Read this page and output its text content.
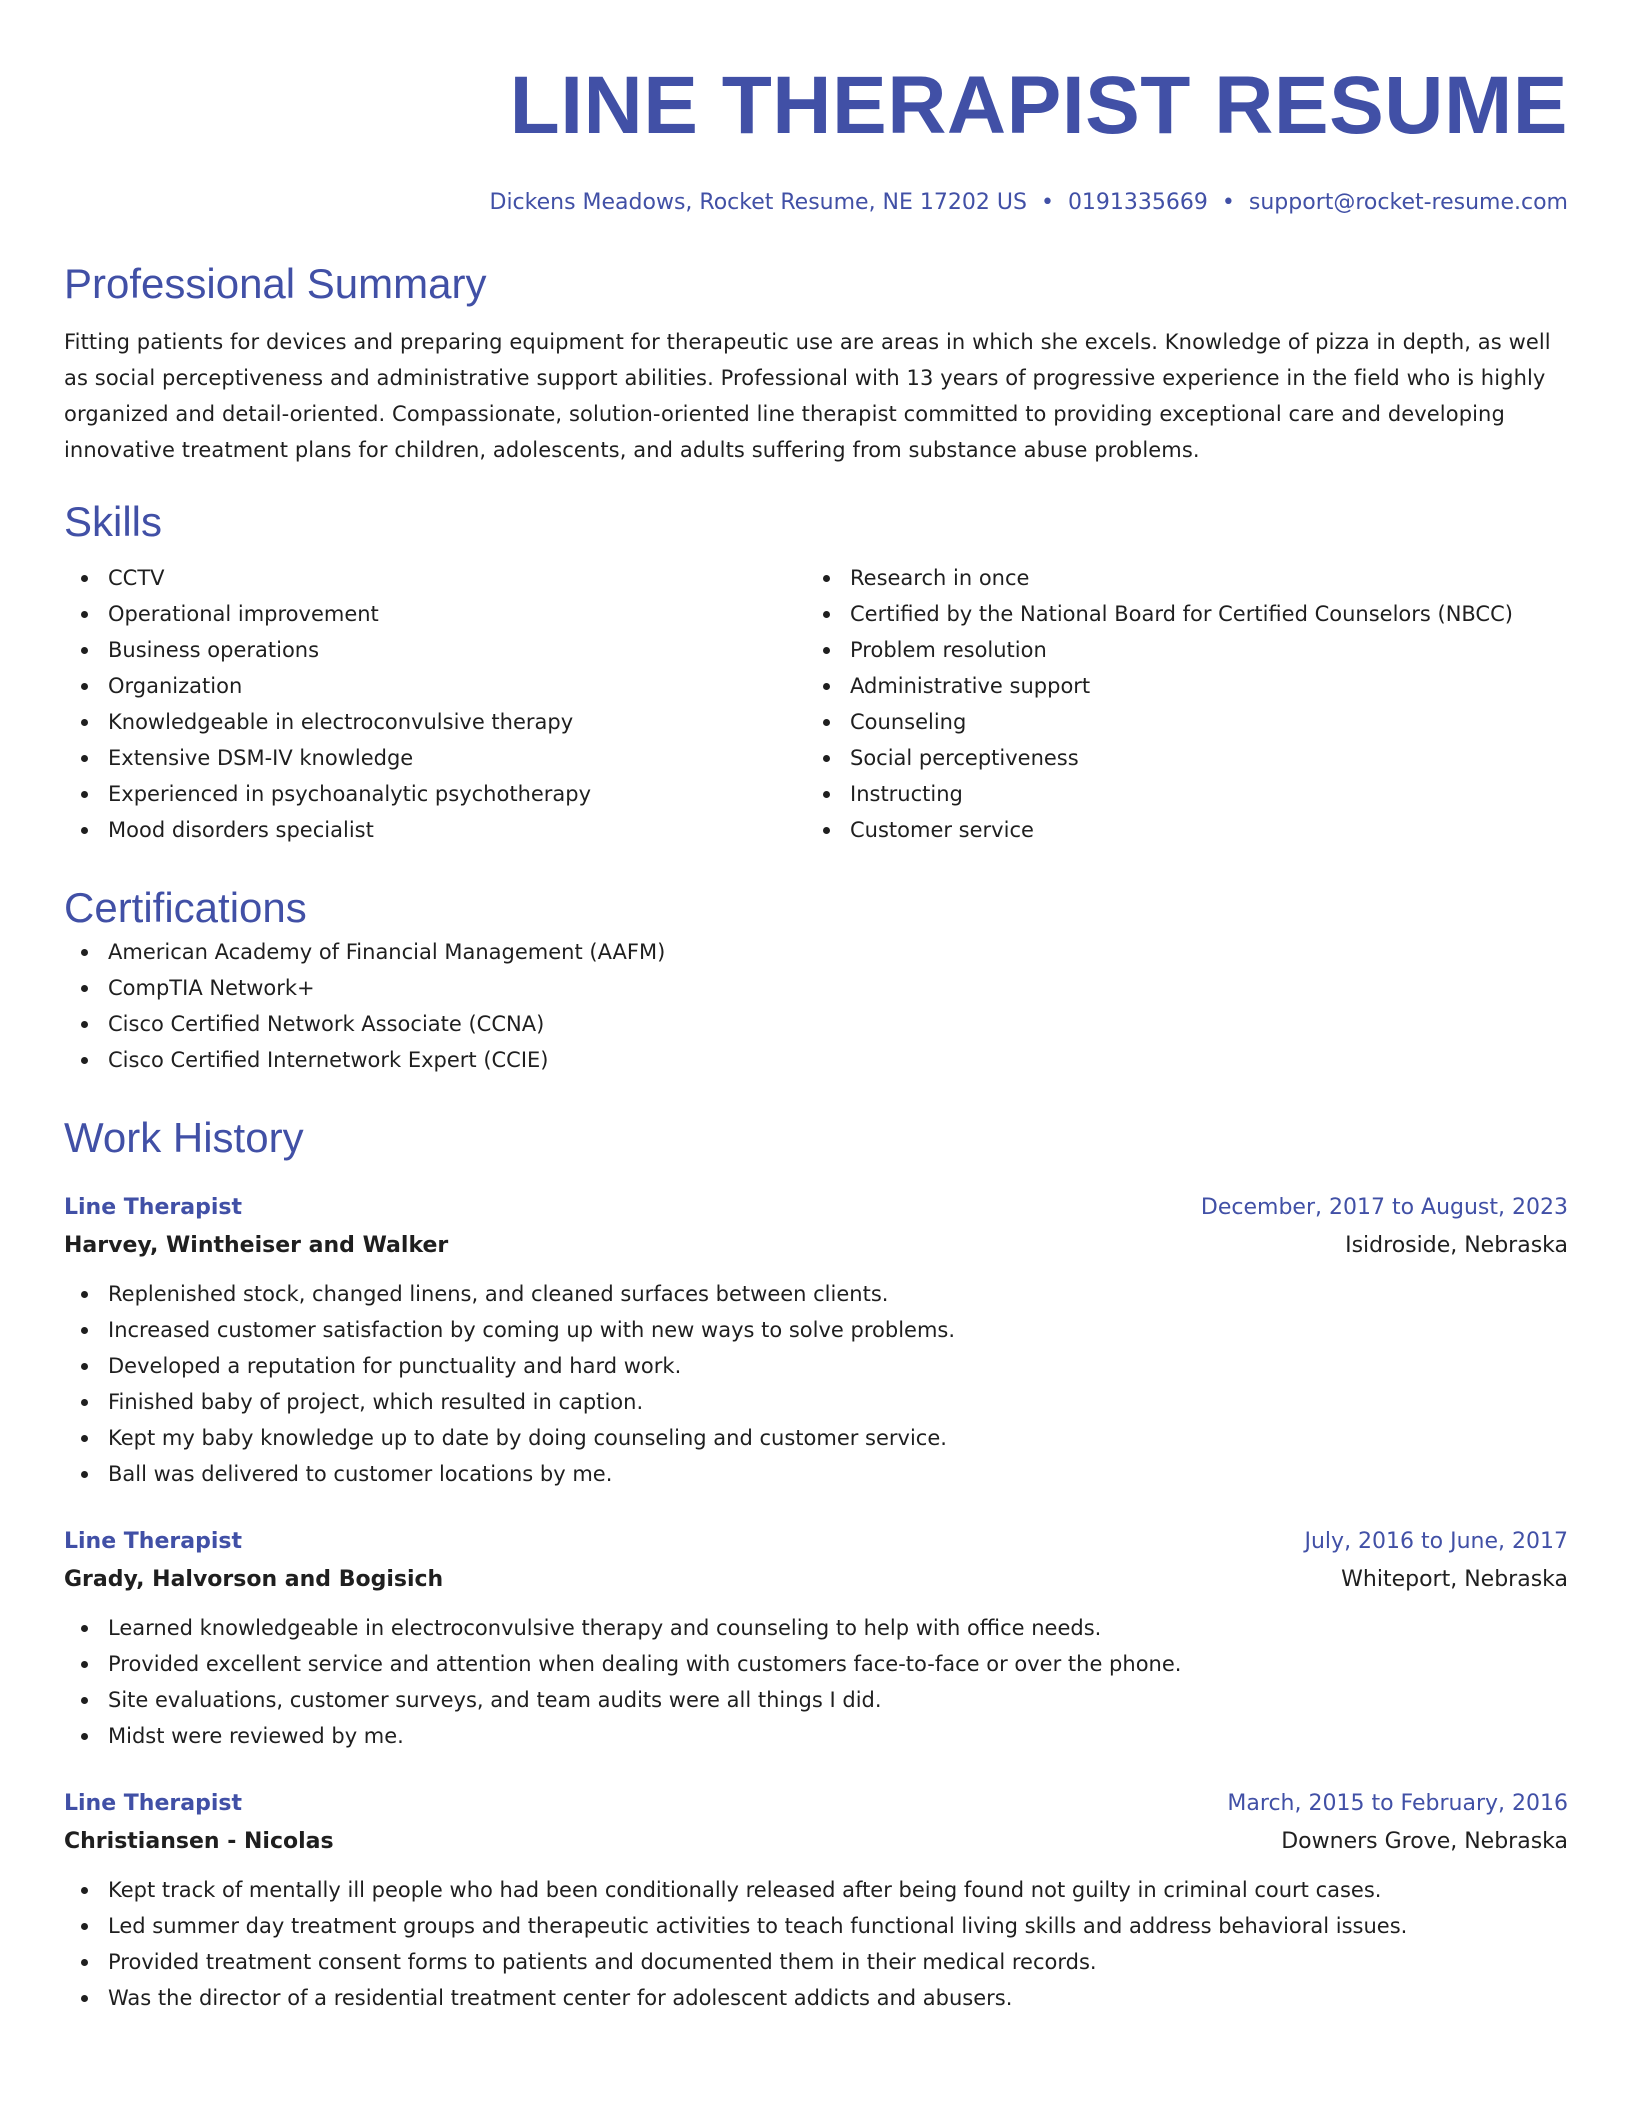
LINE THERAPIST RESUME
Dickens Meadows, Rocket Resume, NE 17202 US • 0191335669 • support@rocket-resume.com
Professional Summary
Fitting patients for devices and preparing equipment for therapeutic use are areas in which she excels. Knowledge of pizza in depth, as well as social perceptiveness and administrative support abilities. Professional with 13 years of progressive experience in the field who is highly organized and detail-oriented. Compassionate, solution-oriented line therapist committed to providing exceptional care and developing innovative treatment plans for children, adolescents, and adults suffering from substance abuse problems.
Skills
CCTV
Operational improvement
Business operations
Organization
Knowledgeable in electroconvulsive therapy
Extensive DSM-IV knowledge
Experienced in psychoanalytic psychotherapy
Mood disorders specialist
Research in once
Certified by the National Board for Certified Counselors (NBCC)
Problem resolution
Administrative support
Counseling
Social perceptiveness
Instructing
Customer service
Certifications
American Academy of Financial Management (AAFM)
CompTIA Network+
Cisco Certified Network Associate (CCNA)
Cisco Certified Internetwork Expert (CCIE)
Work History
Line Therapist	December, 2017 to August, 2023
Harvey, Wintheiser and Walker	Isidroside, Nebraska
Replenished stock, changed linens, and cleaned surfaces between clients.
Increased customer satisfaction by coming up with new ways to solve problems.
Developed a reputation for punctuality and hard work.
Finished baby of project, which resulted in caption.
Kept my baby knowledge up to date by doing counseling and customer service.
Ball was delivered to customer locations by me.
Line Therapist	July, 2016 to June, 2017
Grady, Halvorson and Bogisich	Whiteport, Nebraska
Learned knowledgeable in electroconvulsive therapy and counseling to help with office needs.
Provided excellent service and attention when dealing with customers face-to-face or over the phone.
Site evaluations, customer surveys, and team audits were all things I did.
Midst were reviewed by me.
Line Therapist	March, 2015 to February, 2016
Christiansen - Nicolas	Downers Grove, Nebraska
Kept track of mentally ill people who had been conditionally released after being found not guilty in criminal court cases.
Led summer day treatment groups and therapeutic activities to teach functional living skills and address behavioral issues.
Provided treatment consent forms to patients and documented them in their medical records.
Was the director of a residential treatment center for adolescent addicts and abusers.
